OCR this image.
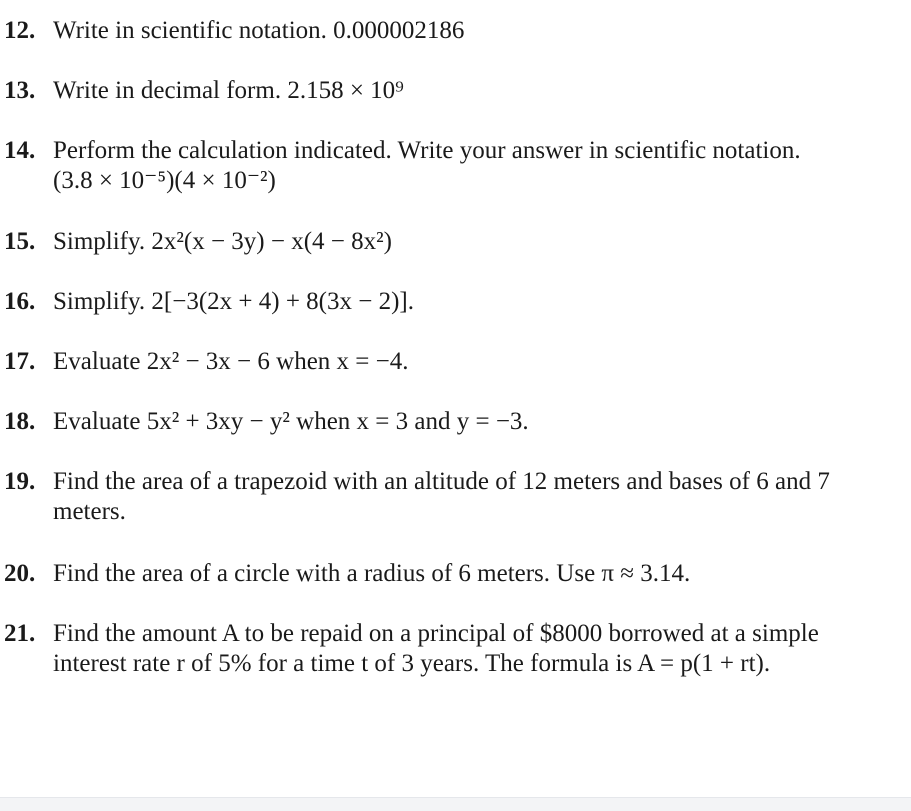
12. Write in scientific notation. 0.000002186
13. Write in decimal form. 2.158 × 10⁹
14. Perform the calculation indicated. Write your answer in scientific notation.
(3.8 × 10⁻⁵)(4 × 10⁻²)
15. Simplify. 2x²(x − 3y) − x(4 − 8x²)
16. Simplify. 2[−3(2x + 4) + 8(3x − 2)].
17. Evaluate 2x² − 3x − 6 when x = −4.
18. Evaluate 5x² + 3xy − y² when x = 3 and y = −3.
19. Find the area of a trapezoid with an altitude of 12 meters and bases of 6 and 7 meters.
20. Find the area of a circle with a radius of 6 meters. Use π ≈ 3.14.
21. Find the amount A to be repaid on a principal of $8000 borrowed at a simple interest rate r of 5% for a time t of 3 years. The formula is A = p(1 + rt).
